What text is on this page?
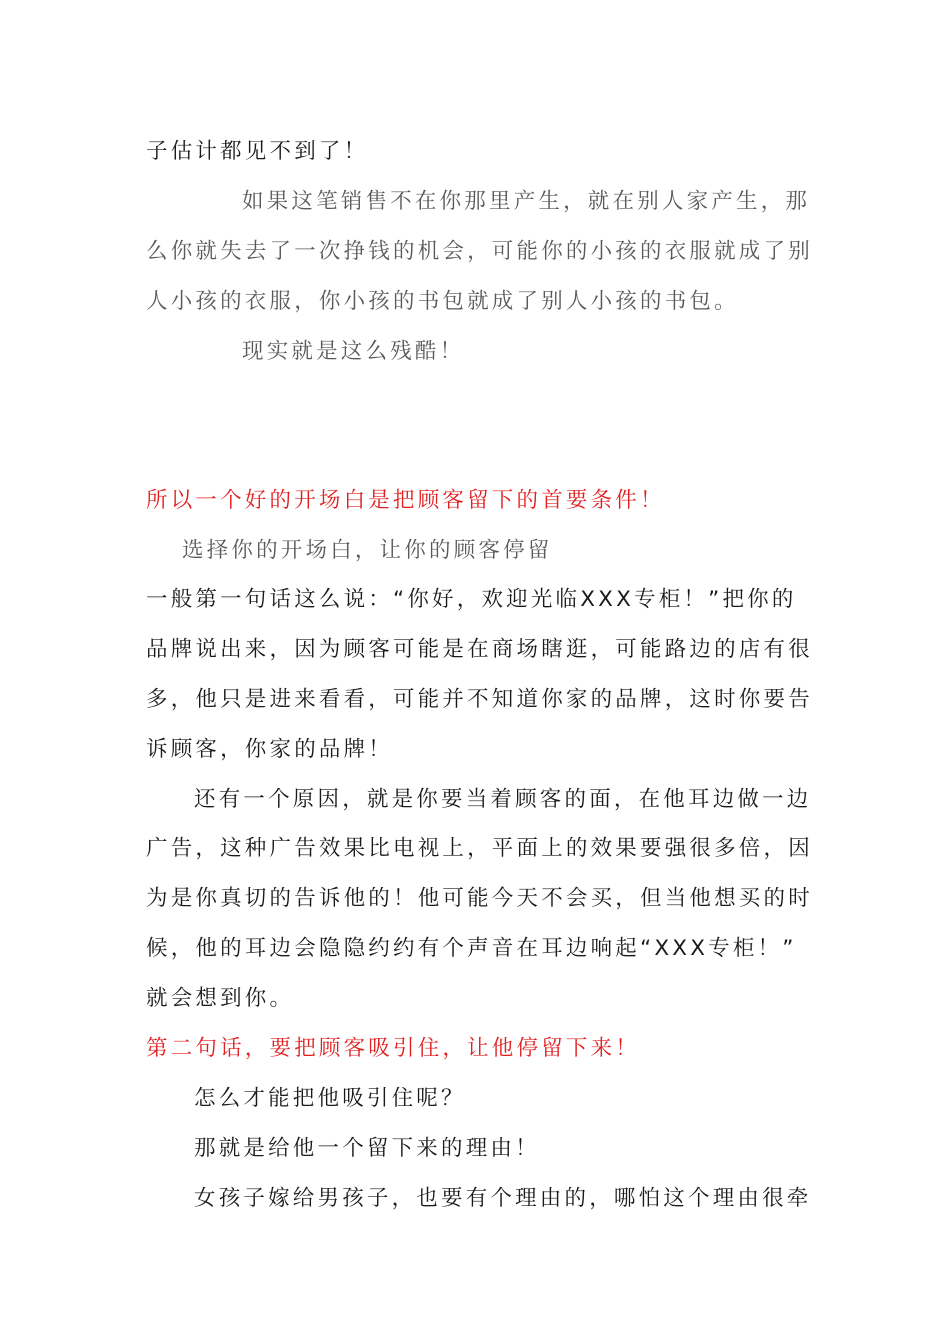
子估计都见不到了！
如果这笔销售不在你那里产生，就在别人家产生，那
么你就失去了一次挣钱的机会，可能你的小孩的衣服就成了别
人小孩的衣服，你小孩的书包就成了别人小孩的书包。
现实就是这么残酷！
所以一个好的开场白是把顾客留下的首要条件！
选择你的开场白，让你的顾客停留
一般第一句话这么说：“你好，欢迎光临XXX专柜！”把你的
品牌说出来，因为顾客可能是在商场瞎逛，可能路边的店有很
多，他只是进来看看，可能并不知道你家的品牌，这时你要告
诉顾客，你家的品牌！
还有一个原因，就是你要当着顾客的面，在他耳边做一边
广告，这种广告效果比电视上，平面上的效果要强很多倍，因
为是你真切的告诉他的！他可能今天不会买，但当他想买的时
候，他的耳边会隐隐约约有个声音在耳边响起“XXX专柜！”
就会想到你。
第二句话，要把顾客吸引住，让他停留下来！
怎么才能把他吸引住呢？
那就是给他一个留下来的理由！
女孩子嫁给男孩子，也要有个理由的，哪怕这个理由很牵
